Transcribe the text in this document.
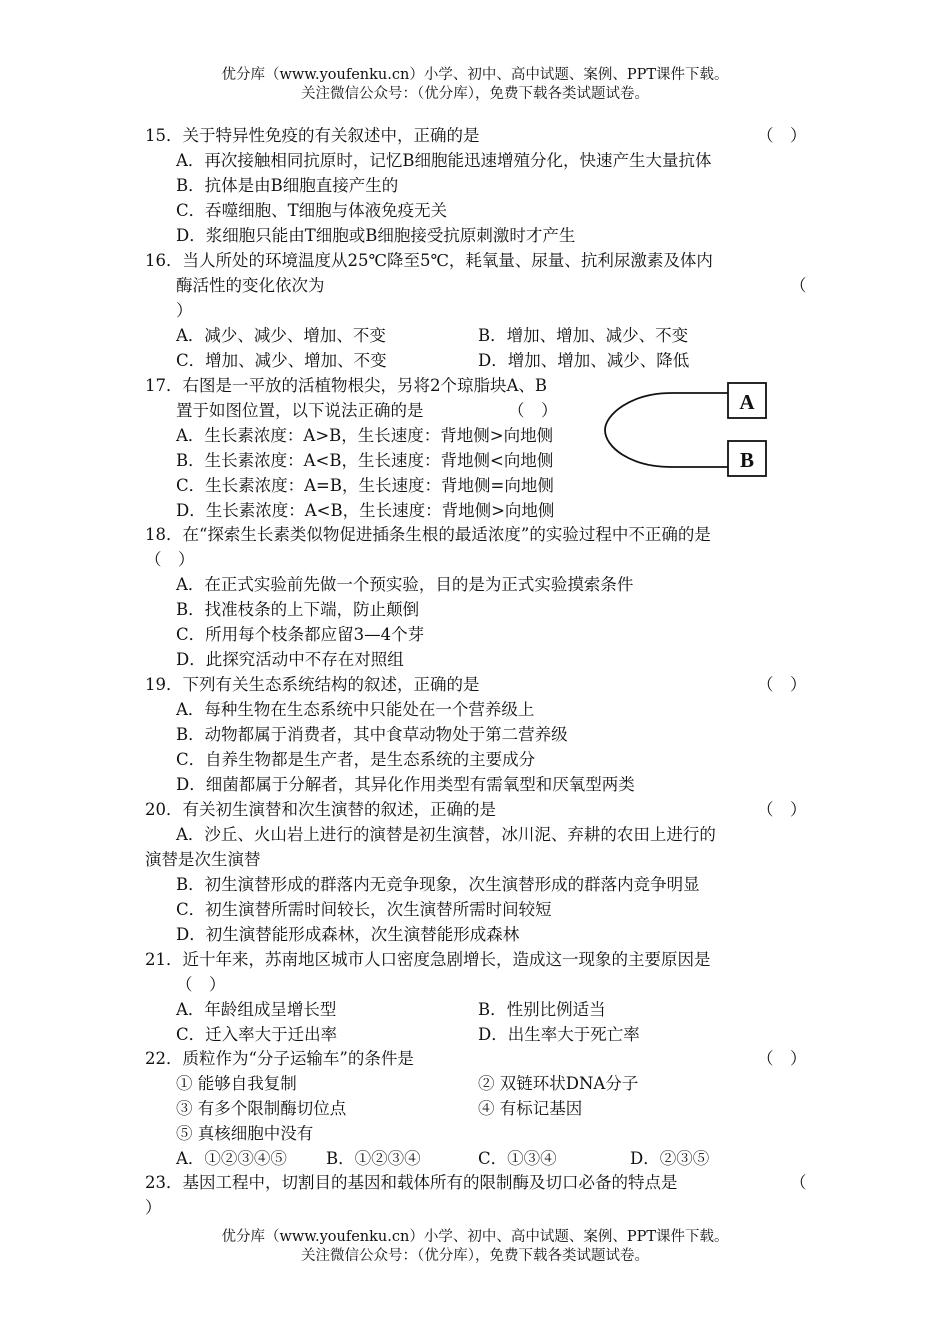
优分库（www.youfenku.cn）小学、初中、高中试题、案例、PPT课件下载。
关注微信公众号：（优分库），免费下载各类试题试卷。
15．关于特异性免疫的有关叙述中，正确的是	（　）
A．再次接触相同抗原时，记忆B细胞能迅速增殖分化，快速产生大量抗体
B．抗体是由B细胞直接产生的
C．吞噬细胞、T细胞与体液免疫无关
D．浆细胞只能由T细胞或B细胞接受抗原刺激时才产生
16．当人所处的环境温度从25℃降至5℃，耗氧量、尿量、抗利尿激素及体内
酶活性的变化依次为	（
）
A．减少、减少、增加、不变	B．增加、增加、减少、不变
C．增加、减少、增加、不变	D．增加、增加、减少、降低
17．右图是一平放的活植物根尖，另将2个琼脂块A、B
置于如图位置，以下说法正确的是	（　）
A．生长素浓度：A>B，生长速度：背地侧>向地侧
B．生长素浓度：A<B，生长速度：背地侧<向地侧
C．生长素浓度：A=B，生长速度：背地侧=向地侧
D．生长素浓度：A<B，生长速度：背地侧>向地侧
A
B
18．在“探索生长素类似物促进插条生根的最适浓度”的实验过程中不正确的是
（　）
A．在正式实验前先做一个预实验，目的是为正式实验摸索条件
B．找准枝条的上下端，防止颠倒
C．所用每个枝条都应留3—4个芽
D．此探究活动中不存在对照组
19．下列有关生态系统结构的叙述，正确的是	（　）
A．每种生物在生态系统中只能处在一个营养级上
B．动物都属于消费者，其中食草动物处于第二营养级
C．自养生物都是生产者，是生态系统的主要成分
D．细菌都属于分解者，其异化作用类型有需氧型和厌氧型两类
20．有关初生演替和次生演替的叙述，正确的是	（　）
A．沙丘、火山岩上进行的演替是初生演替，冰川泥、弃耕的农田上进行的
演替是次生演替
B．初生演替形成的群落内无竞争现象，次生演替形成的群落内竞争明显
C．初生演替所需时间较长，次生演替所需时间较短
D．初生演替能形成森林，次生演替能形成森林
21．近十年来，苏南地区城市人口密度急剧增长，造成这一现象的主要原因是
（　）
A．年龄组成呈增长型	B．性别比例适当
C．迁入率大于迁出率	D．出生率大于死亡率
22．质粒作为“分子运输车”的条件是	（　）
① 能够自我复制	② 双链环状DNA分子
③ 有多个限制酶切位点	④ 有标记基因
⑤ 真核细胞中没有
A．①②③④⑤ B．①②③④	C．①③④	D．②③⑤
23．基因工程中，切割目的基因和载体所有的限制酶及切口必备的特点是	（
）
优分库（www.youfenku.cn）小学、初中、高中试题、案例、PPT课件下载。
关注微信公众号：（优分库），免费下载各类试题试卷。
